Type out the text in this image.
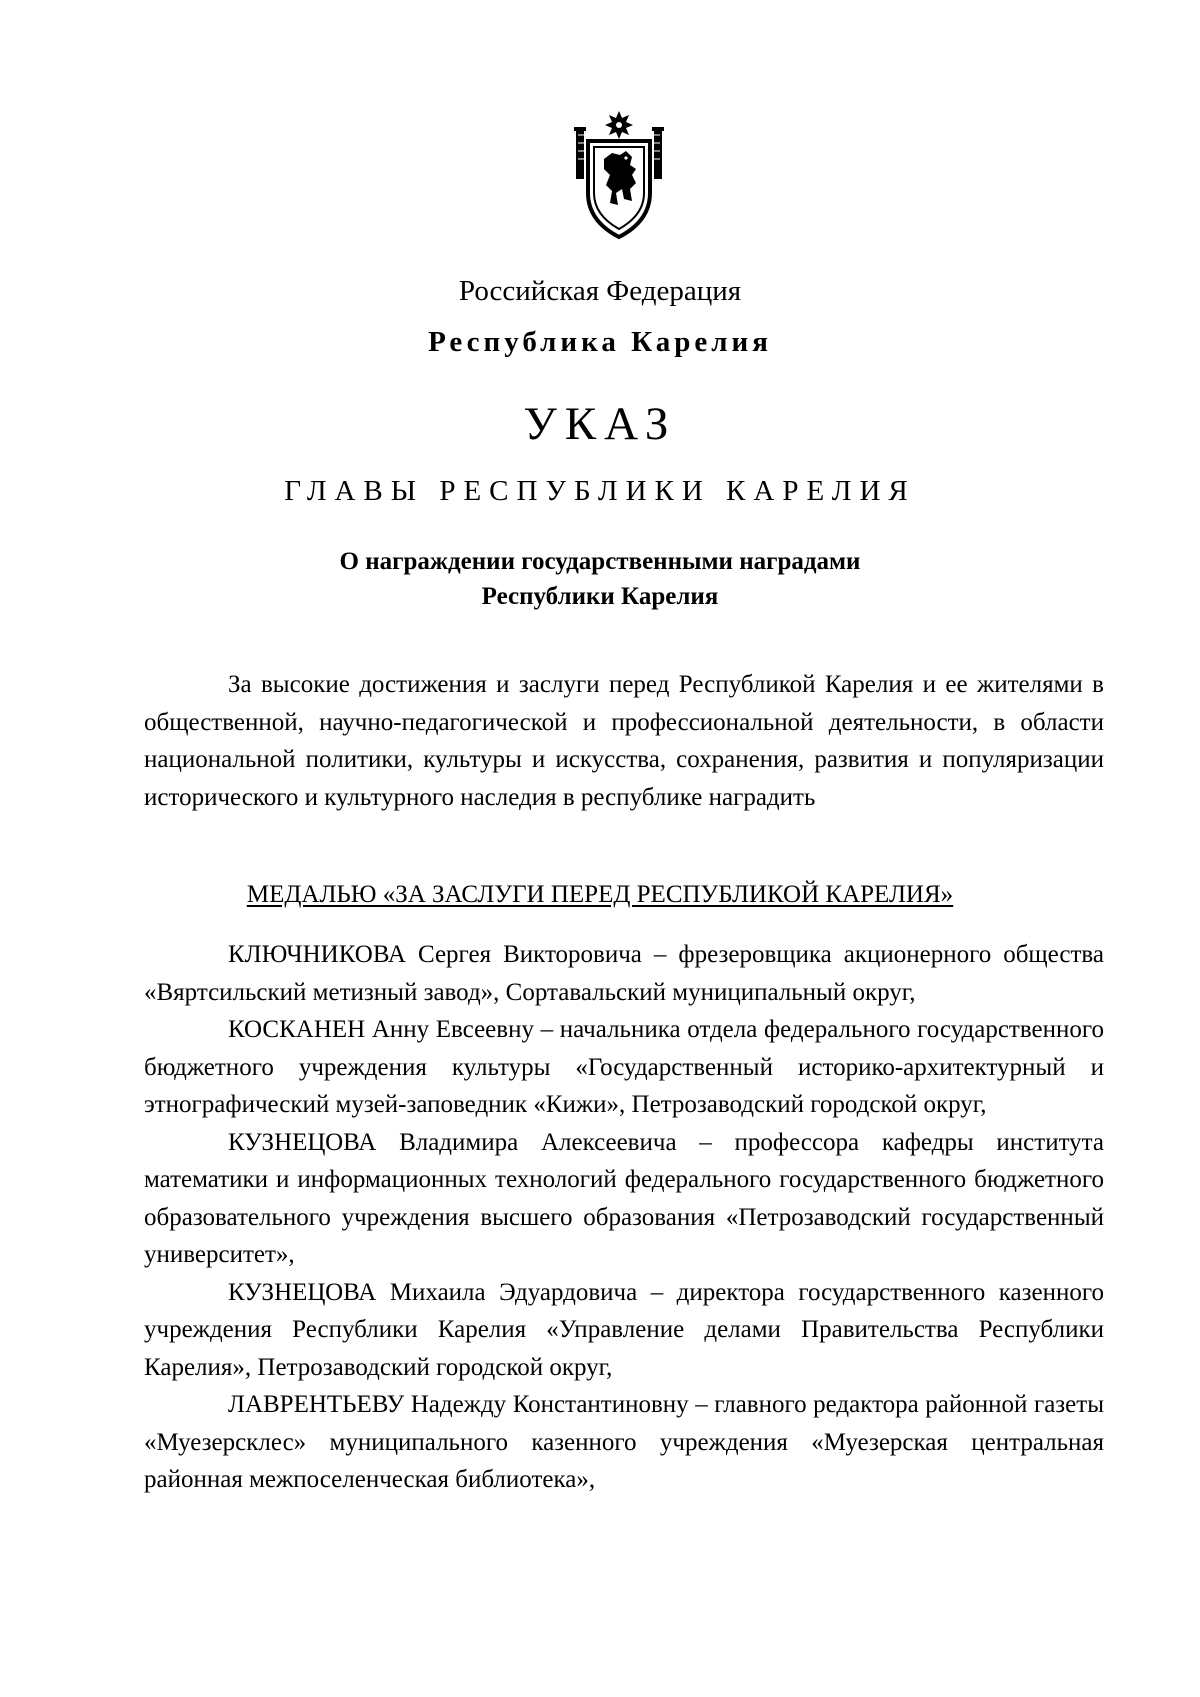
Российская Федерация
Республика Карелия
УКАЗ
ГЛАВЫ РЕСПУБЛИКИ КАРЕЛИЯ
О награждении государственными наградами
Республики Карелия

За высокие достижения и заслуги перед Республикой Карелия и ее жителями в общественной, научно-педагогической и профессиональной деятельности, в области национальной политики, культуры и искусства, сохранения, развития и популяризации исторического и культурного наследия в республике наградить

МЕДАЛЬЮ «ЗА ЗАСЛУГИ ПЕРЕД РЕСПУБЛИКОЙ КАРЕЛИЯ»

КЛЮЧНИКОВА Сергея Викторовича – фрезеровщика акционерного общества «Вяртсильский метизный завод», Сортавальский муниципальный округ,

КОСКАНЕН Анну Евсеевну – начальника отдела федерального государственного бюджетного учреждения культуры «Государственный историко-архитектурный и этнографический музей-заповедник «Кижи», Петрозаводский городской округ,

КУЗНЕЦОВА Владимира Алексеевича – профессора кафедры института математики и информационных технологий федерального государственного бюджетного образовательного учреждения высшего образования «Петрозаводский государственный университет»,

КУЗНЕЦОВА Михаила Эдуардовича – директора государственного казенного учреждения Республики Карелия «Управление делами Правительства Республики Карелия», Петрозаводский городской округ,

ЛАВРЕНТЬЕВУ Надежду Константиновну – главного редактора районной газеты «Муезерсклес» муниципального казенного учреждения «Муезерская центральная районная межпоселенческая библиотека»,
